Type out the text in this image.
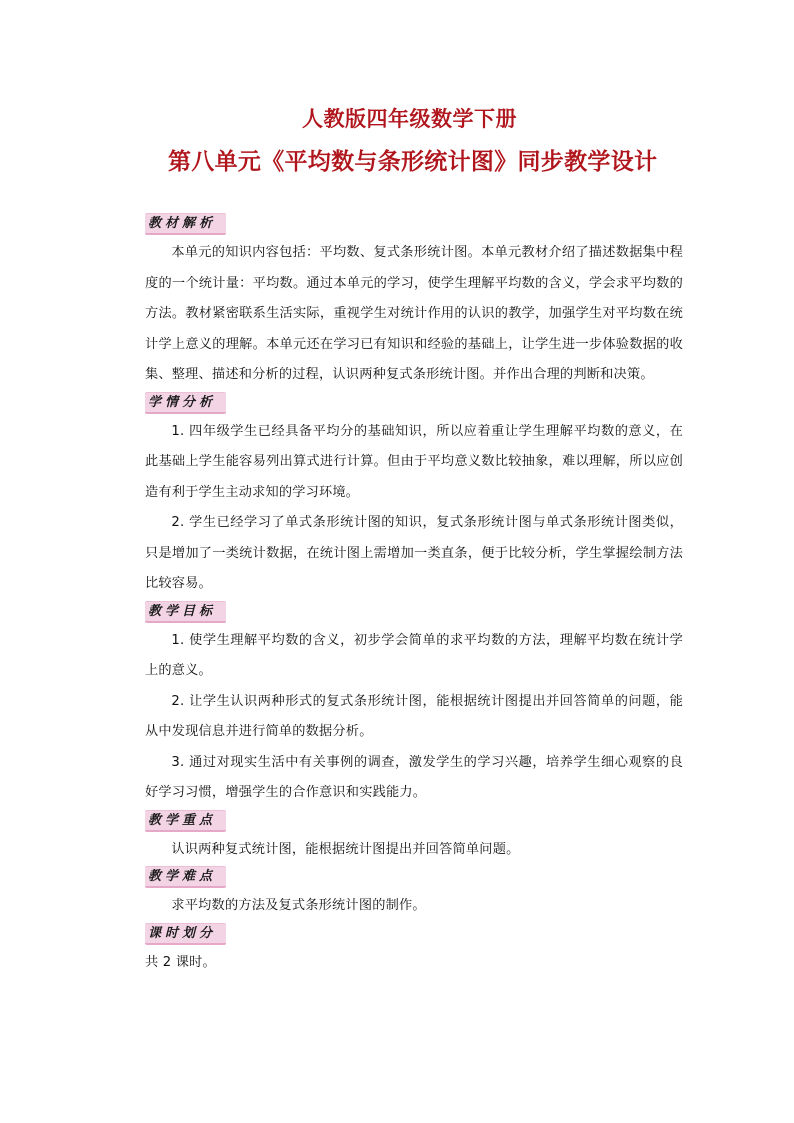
人教版四年级数学下册
第八单元《平均数与条形统计图》同步教学设计
教材解析

本单元的知识内容包括：平均数、复式条形统计图。本单元教材介绍了描述数据集中程度的一个统计量：平均数。通过本单元的学习，使学生理解平均数的含义，学会求平均数的方法。教材紧密联系生活实际，重视学生对统计作用的认识的教学，加强学生对平均数在统计学上意义的理解。本单元还在学习已有知识和经验的基础上，让学生进一步体验数据的收集、整理、描述和分析的过程，认识两种复式条形统计图。并作出合理的判断和决策。

学情分析

1. 四年级学生已经具备平均分的基础知识，所以应着重让学生理解平均数的意义，在此基础上学生能容易列出算式进行计算。但由于平均意义数比较抽象，难以理解，所以应创造有利于学生主动求知的学习环境。

2. 学生已经学习了单式条形统计图的知识，复式条形统计图与单式条形统计图类似，只是增加了一类统计数据，在统计图上需增加一类直条，便于比较分析，学生掌握绘制方法比较容易。

教学目标

1. 使学生理解平均数的含义，初步学会简单的求平均数的方法，理解平均数在统计学上的意义。

2. 让学生认识两种形式的复式条形统计图，能根据统计图提出并回答简单的问题，能从中发现信息并进行简单的数据分析。

3. 通过对现实生活中有关事例的调查，激发学生的学习兴趣，培养学生细心观察的良好学习习惯，增强学生的合作意识和实践能力。

教学重点

认识两种复式统计图，能根据统计图提出并回答简单问题。

教学难点

求平均数的方法及复式条形统计图的制作。

课时划分

共 2 课时。
